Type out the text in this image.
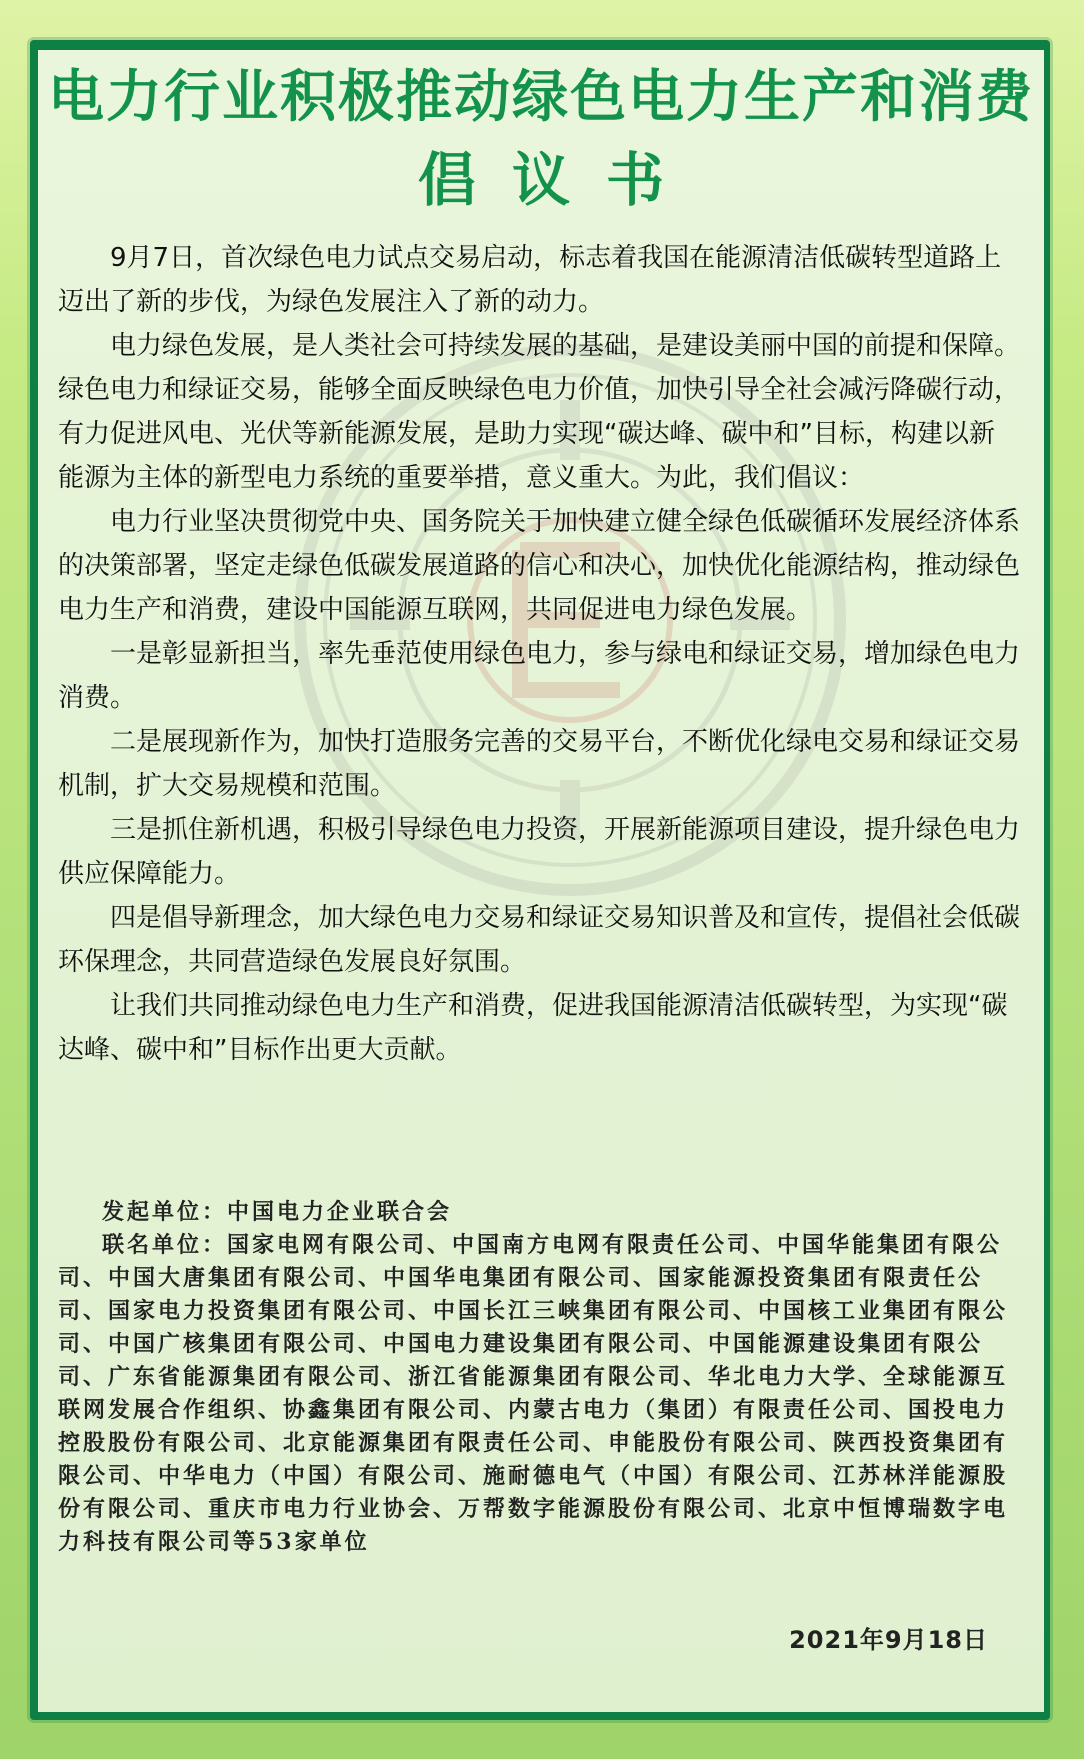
电力行业积极推动绿色电力生产和消费
倡议书

9月7日，首次绿色电力试点交易启动，标志着我国在能源清洁低碳转型道路上迈出了新的步伐，为绿色发展注入了新的动力。

电力绿色发展，是人类社会可持续发展的基础，是建设美丽中国的前提和保障。绿色电力和绿证交易，能够全面反映绿色电力价值，加快引导全社会减污降碳行动，有力促进风电、光伏等新能源发展，是助力实现“碳达峰、碳中和”目标，构建以新能源为主体的新型电力系统的重要举措，意义重大。为此，我们倡议：

电力行业坚决贯彻党中央、国务院关于加快建立健全绿色低碳循环发展经济体系的决策部署，坚定走绿色低碳发展道路的信心和决心，加快优化能源结构，推动绿色电力生产和消费，建设中国能源互联网，共同促进电力绿色发展。

一是彰显新担当，率先垂范使用绿色电力，参与绿电和绿证交易，增加绿色电力消费。

二是展现新作为，加快打造服务完善的交易平台，不断优化绿电交易和绿证交易机制，扩大交易规模和范围。

三是抓住新机遇，积极引导绿色电力投资，开展新能源项目建设，提升绿色电力供应保障能力。

四是倡导新理念，加大绿色电力交易和绿证交易知识普及和宣传，提倡社会低碳环保理念，共同营造绿色发展良好氛围。

让我们共同推动绿色电力生产和消费，促进我国能源清洁低碳转型，为实现“碳达峰、碳中和”目标作出更大贡献。

发起单位：中国电力企业联合会

联名单位：国家电网有限公司、中国南方电网有限责任公司、中国华能集团有限公司、中国大唐集团有限公司、中国华电集团有限公司、国家能源投资集团有限责任公司、国家电力投资集团有限公司、中国长江三峡集团有限公司、中国核工业集团有限公司、中国广核集团有限公司、中国电力建设集团有限公司、中国能源建设集团有限公司、广东省能源集团有限公司、浙江省能源集团有限公司、华北电力大学、全球能源互联网发展合作组织、协鑫集团有限公司、内蒙古电力（集团）有限责任公司、国投电力控股股份有限公司、北京能源集团有限责任公司、申能股份有限公司、陕西投资集团有限公司、中华电力（中国）有限公司、施耐德电气（中国）有限公司、江苏林洋能源股份有限公司、重庆市电力行业协会、万帮数字能源股份有限公司、北京中恒博瑞数字电力科技有限公司等53家单位

2021年9月18日
